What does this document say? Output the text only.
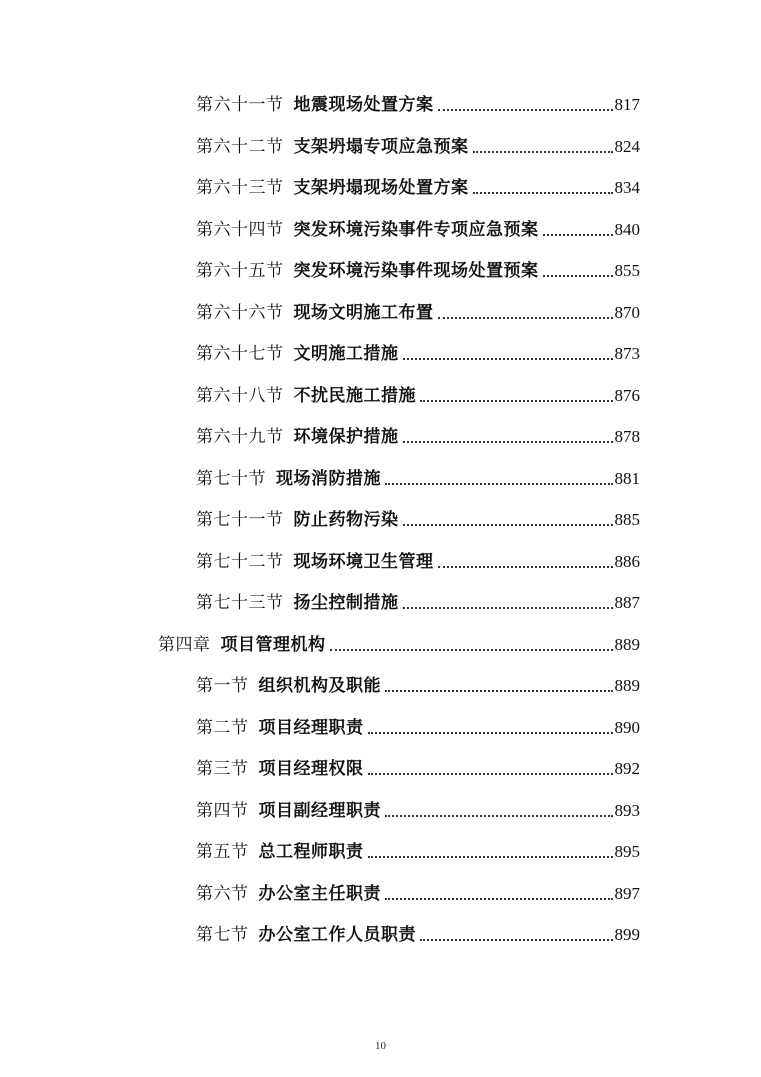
第六十一节 地震现场处置方案	817
第六十二节 支架坍塌专项应急预案	824
第六十三节 支架坍塌现场处置方案	834
第六十四节 突发环境污染事件专项应急预案	840
第六十五节 突发环境污染事件现场处置预案	855
第六十六节 现场文明施工布置	870
第六十七节 文明施工措施	873
第六十八节 不扰民施工措施	876
第六十九节 环境保护措施	878
第七十节 现场消防措施	881
第七十一节 防止药物污染	885
第七十二节 现场环境卫生管理	886
第七十三节 扬尘控制措施	887
第四章 项目管理机构	889
第一节 组织机构及职能	889
第二节 项目经理职责	890
第三节 项目经理权限	892
第四节 项目副经理职责	893
第五节 总工程师职责	895
第六节 办公室主任职责	897
第七节 办公室工作人员职责	899
10
